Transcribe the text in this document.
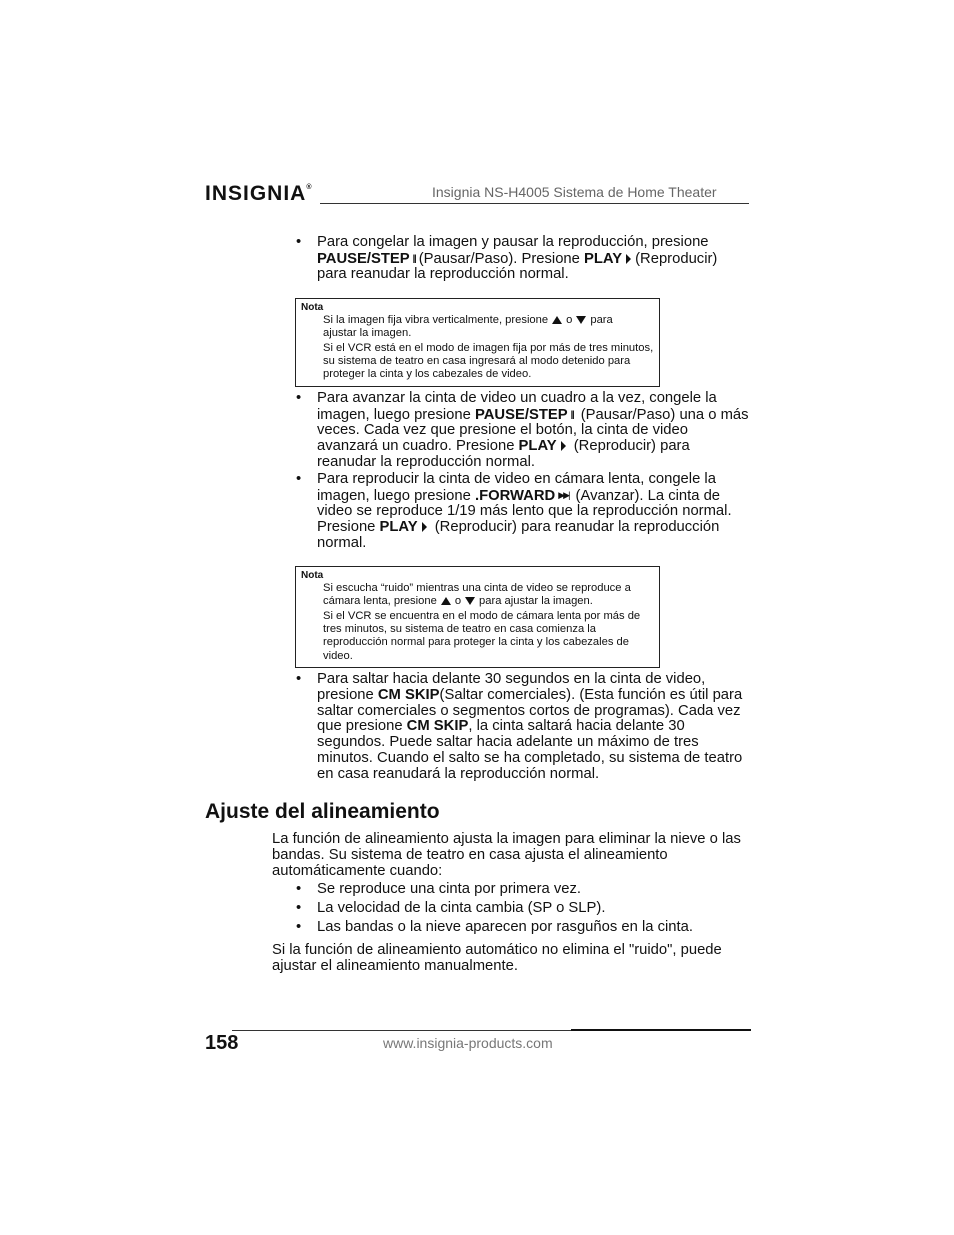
INSIGNIA®	Insignia NS-H4005 Sistema de Home Theater
• Para congelar la imagen y pausar la reproducción, presione PAUSE/STEP || (Pausar/Paso). Presione PLAY (Reproducir)
para reanudar la reproducción normal.
Nota
Si la imagen fija vibra verticalmente, presione o para
ajustar la imagen.
Si el VCR está en el modo de imagen fija por más de tres minutos, su sistema de teatro en casa ingresará al modo detenido para proteger la cinta y los cabezales de video.
• Para avanzar la cinta de video un cuadro a la vez, congele la imagen, luego presione PAUSE/STEP || (Pausar/Paso) una o más veces. Cada vez que presione el botón, la cinta de video avanzará un cuadro. Presione PLAY (Reproducir) para reanudar la reproducción normal.
• Para reproducir la cinta de video en cámara lenta, congele la imagen, luego presione .FORWARD ▶▶| (Avanzar). La cinta de video se reproduce 1/19 más lento que la reproducción normal. Presione PLAY (Reproducir) para reanudar la reproducción normal.
Nota
Si escucha “ruido” mientras una cinta de video se reproduce a cámara lenta, presione o para ajustar la imagen.
Si el VCR se encuentra en el modo de cámara lenta por más de tres minutos, su sistema de teatro en casa comienza la reproducción normal para proteger la cinta y los cabezales de video.
• Para saltar hacia delante 30 segundos en la cinta de video, presione CM SKIP(Saltar comerciales). (Esta función es útil para saltar comerciales o segmentos cortos de programas). Cada vez que presione CM SKIP, la cinta saltará hacia delante 30 segundos. Puede saltar hacia adelante un máximo de tres minutos. Cuando el salto se ha completado, su sistema de teatro en casa reanudará la reproducción normal.
Ajuste del alineamiento
La función de alineamiento ajusta la imagen para eliminar la nieve o las bandas. Su sistema de teatro en casa ajusta el alineamiento automáticamente cuando:
• Se reproduce una cinta por primera vez.
• La velocidad de la cinta cambia (SP o SLP).
• Las bandas o la nieve aparecen por rasguños en la cinta.
Si la función de alineamiento automático no elimina el "ruido", puede ajustar el alineamiento manualmente.
158	www.insignia-products.com
